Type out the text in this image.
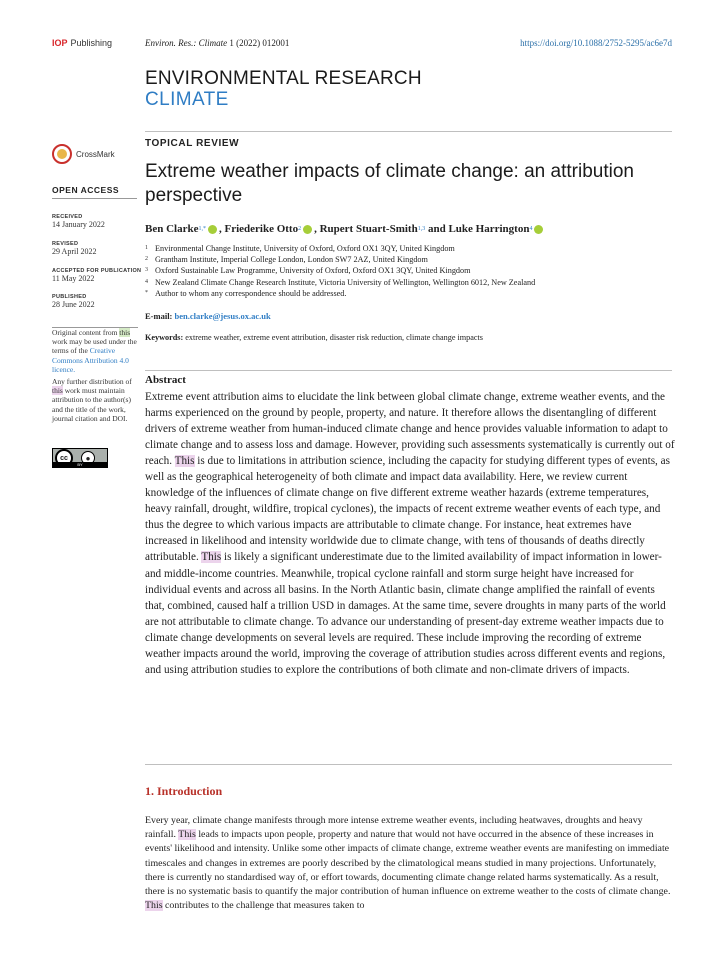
IOP Publishing	Environ. Res.: Climate 1 (2022) 012001	https://doi.org/10.1088/2752-5295/ac6e7d
ENVIRONMENTAL RESEARCH
CLIMATE
TOPICAL REVIEW
CrossMark
OPEN ACCESS
RECEIVED
14 January 2022
REVISED
29 April 2022
ACCEPTED FOR PUBLICATION
11 May 2022
PUBLISHED
28 June 2022

Original content from this work may be used under the terms of the Creative Commons Attribution 4.0 licence.

Any further distribution of this work must maintain attribution to the author(s) and the title of the work, journal citation and DOI.

cc	●
BY
Extreme weather impacts of climate change: an attribution perspective
Ben Clarke 1,* , Friederike Otto 2 , Rupert Stuart-Smith 1,3 and Luke Harrington 4
1 Environmental Change Institute, University of Oxford, Oxford OX1 3QY, United Kingdom
2 Grantham Institute, Imperial College London, London SW7 2AZ, United Kingdom
3 Oxford Sustainable Law Programme, University of Oxford, Oxford OX1 3QY, United Kingdom
4 New Zealand Climate Change Research Institute, Victoria University of Wellington, Wellington 6012, New Zealand
* Author to whom any correspondence should be addressed.
E-mail: ben.clarke@jesus.ox.ac.uk
Keywords: extreme weather, extreme event attribution, disaster risk reduction, climate change impacts
Abstract
Extreme event attribution aims to elucidate the link between global climate change, extreme weather events, and the harms experienced on the ground by people, property, and nature. It therefore allows the disentangling of different drivers of extreme weather from human-induced climate change and hence provides valuable information to adapt to climate change and to assess loss and damage. However, providing such assessments systematically is currently out of reach. This is due to limitations in attribution science, including the capacity for studying different types of events, as well as the geographical heterogeneity of both climate and impact data availability. Here, we review current knowledge of the influences of climate change on five different extreme weather hazards (extreme temperatures, heavy rainfall, drought, wildfire, tropical cyclones), the impacts of recent extreme weather events of each type, and thus the degree to which various impacts are attributable to climate change. For instance, heat extremes have increased in likelihood and intensity worldwide due to climate change, with tens of thousands of deaths directly attributable. This is likely a significant underestimate due to the limited availability of impact information in lower- and middle-income countries. Meanwhile, tropical cyclone rainfall and storm surge height have increased for individual events and across all basins. In the North Atlantic basin, climate change amplified the rainfall of events that, combined, caused half a trillion USD in damages. At the same time, severe droughts in many parts of the world are not attributable to climate change. To advance our understanding of present-day extreme weather impacts due to climate change developments on several levels are required. These include improving the recording of extreme weather impacts around the world, improving the coverage of attribution studies across different events and regions, and using attribution studies to explore the contributions of both climate and non-climate drivers of impacts.
1. Introduction
Every year, climate change manifests through more intense extreme weather events, including heatwaves, droughts and heavy rainfall. This leads to impacts upon people, property and nature that would not have occurred in the absence of these increases in events' likelihood and intensity. Unlike some other impacts of climate change, extreme weather events are manifesting on immediate timescales and changes in extremes are poorly described by the climatological means studied in many projections. Unfortunately, there is currently no standardised way of, or effort towards, documenting climate change related harms systematically. As a result, there is no systematic basis to quantify the major contribution of human influence on extreme weather to the costs of climate change. This contributes to the challenge that measures taken to
